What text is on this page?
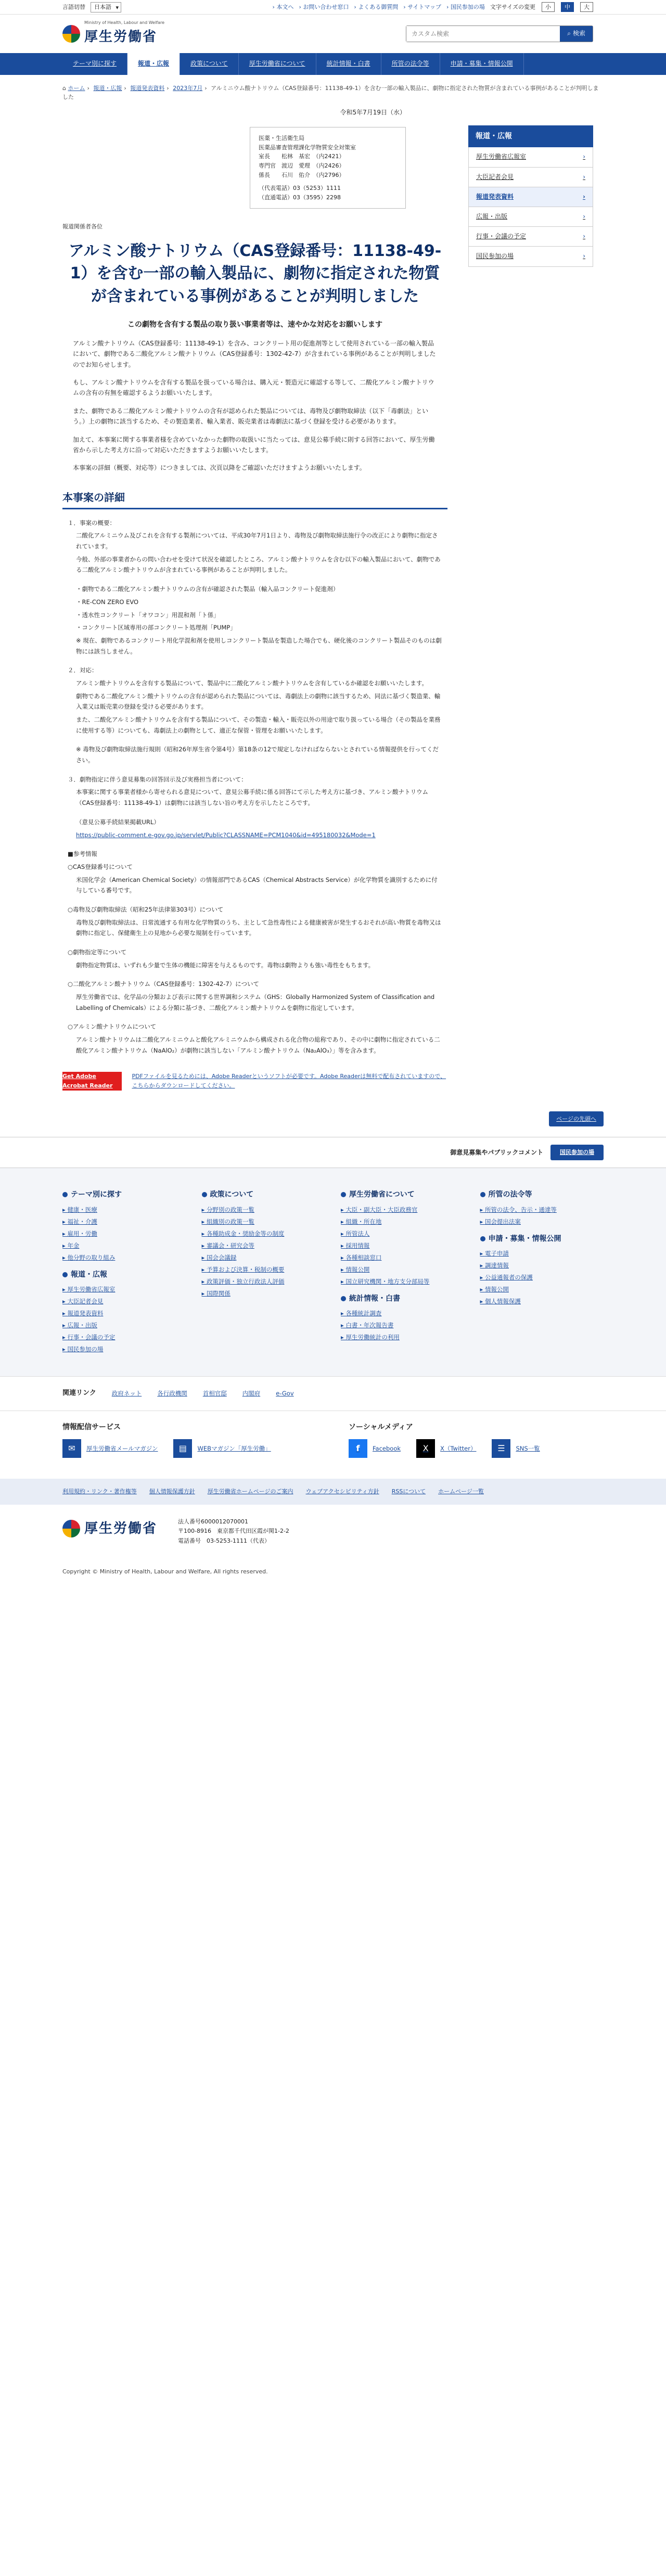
言語切替	日本語 ▾	› 本文へ	› お問い合わせ窓口	› よくある御質問	› サイトマップ	› 国民参加の場 文字サイズの変更	小	中	大
Ministry of Health, Labour and Welfare
厚生労働省
カスタム検索	⌕ 検索
テーマ別に探す	報道・広報	政策について	厚生労働省について	統計情報・白書	所管の法令等	申請・募集・情報公開
⌂ ホーム › 報道・広報 › 報道発表資料 › 2023年7月 › アルミニウム酸ナトリウム（CAS登録番号：11138-49-1）を含む一部の輸入製品に、劇物に指定された物質が含まれている事例があることが判明しました
令和5年7月19日（水）
医薬・生活衛生局
医薬品審査管理課化学物質安全対策室
室長　　松林　基宏　（内2421）
専門官　渡辺　愛理　（内2426）
係長　　石川　佑介　（内2796）
（代表電話）03（5253）1111
（直通電話）03（3595）2298
報道関係者各位
アルミン酸ナトリウム（CAS登録番号：11138-49-1）を含む一部の輸入製品に、劇物に指定された物質が含まれている事例があることが判明しました
この劇物を含有する製品の取り扱い事業者等は、速やかな対応をお願いします

アルミン酸ナトリウム（CAS登録番号：11138-49-1）を含み、コンクリート用の促進剤等として使用されている一部の輸入製品において、劇物である二酸化アルミン酸ナトリウム（CAS登録番号：1302-42-7）が含まれている事例があることが判明しましたのでお知らせします。

もし、アルミン酸ナトリウムを含有する製品を扱っている場合は、購入元・製造元に確認する等して、二酸化アルミン酸ナトリウムの含有の有無を確認するようお願いいたします。

また、劇物である二酸化アルミン酸ナトリウムの含有が認められた製品については、毒物及び劇物取締法（以下「毒劇法」という。）上の劇物に該当するため、その製造業者、輸入業者、販売業者は毒劇法に基づく登録を受ける必要があります。

加えて、本事案に関する事業者様を含めていなかった劇物の取扱いに当たっては、意見公募手続に則する回答において、厚生労働省から示した考え方に沿って対応いただきますようお願いいたします。

本事案の詳細（概要、対応等）につきましては、次頁以降をご確認いただけますようお願いいたします。

本事案の詳細

１．事案の概要：

二酸化アルミニウム及びこれを含有する製剤については、平成30年7月1日より、毒物及び劇物取締法施行令の改正により劇物に指定されています。

今般、外部の事業者からの問い合わせを受けて状況を確認したところ、アルミン酸ナトリウムを含む以下の輸入製品において、劇物である二酸化アルミン酸ナトリウムが含まれている事例があることが判明しました。

・劇物である二酸化アルミン酸ナトリウムの含有が確認された製品（輸入品コンクリート促進剤）

・RE-CON ZERO EVO

・透水性コンクリート「オワコン」用混和剤「ト係」

・コンクリート区域専用の部コンクリート処理剤「PUMP」

※ 現在、劇物であるコンクリート用化学混和剤を使用しコンクリート製品を製造した場合でも、硬化後のコンクリート製品そのものは劇物には該当しません。

２．対応：

アルミン酸ナトリウムを含有する製品について、製品中に二酸化アルミン酸ナトリウムを含有しているか確認をお願いいたします。

劇物である二酸化アルミン酸ナトリウムの含有が認められた製品については、毒劇法上の劇物に該当するため、同法に基づく製造業、輸入業又は販売業の登録を受ける必要があります。

また、二酸化アルミン酸ナトリウムを含有する製品について、その製造・輸入・販売以外の用途で取り扱っている場合（その製品を業務に使用する等）についても、毒劇法上の劇物として、適正な保管・管理をお願いいたします。

※ 毒物及び劇物取締法施行規則（昭和26年厚生省令第4号）第18条の12で規定しなければならないとされている情報提供を行ってください。

３．劇物指定に伴う意見募集の回答回示及び実務担当者について：

本事案に関する事業者様から寄せられる意見について、意見公募手続に係る回答にて示した考え方に基づき、アルミン酸ナトリウム（CAS登録番号：11138-49-1）は劇物には該当しない旨の考え方を示したところです。

（意見公募手続結果掲載URL）

https://public-comment.e-gov.go.jp/servlet/Public?CLASSNAME=PCM1040&id=495180032&Mode=1

■参考情報

○CAS登録番号について

米国化学会（American Chemical Society）の情報部門であるCAS（Chemical Abstracts Service）が化学物質を識別するために付与している番号です。

○毒物及び劇物取締法（昭和25年法律第303号）について

毒物及び劇物取締法は、日常流通する有用な化学物質のうち、主として急性毒性による健康被害が発生するおそれが高い物質を毒物又は劇物に指定し、保健衛生上の見地から必要な規制を行っています。

○劇物指定等について

劇物指定物質は、いずれも少量で生体の機能に障害を与えるものです。毒物は劇物よりも強い毒性をもちます。

○二酸化アルミン酸ナトリウム（CAS登録番号：1302-42-7）について

厚生労働省では、化学品の分類および表示に関する世界調和システム（GHS：Globally Harmonized System of Classification and Labelling of Chemicals）による分類に基づき、二酸化アルミン酸ナトリウムを劇物に指定しています。

○アルミン酸ナトリウムについて

アルミン酸ナトリウムは二酸化アルミニウムと酸化アルミニウムから構成される化合物の総称であり、その中に劇物に指定されている二酸化アルミン酸ナトリウム（NaAlO₂）が劇物に該当しない「アルミン酸ナトリウム（Na₂AlO₃）」等を含みます。

Get Adobe Acrobat Reader
PDFファイルを見るためには、Adobe Readerというソフトが必要です。Adobe Readerは無料で配布されていますので、こちらからダウンロードしてください。
報道・広報
厚生労働省広報室 ›
大臣記者会見 ›
報道発表資料 ›
広報・出版 ›
行事・会議の予定 ›
国民参加の場 ›
ページの先頭へ
御意見募集やパブリックコメント	国民参加の場
テーマ別に探す
▸ 健康・医療
▸ 福祉・介護
▸ 雇用・労働
▸ 年金
▸ 他分野の取り組み
報道・広報
▸ 厚生労働省広報室
▸ 大臣記者会見
▸ 報道発表資料
▸ 広報・出版
▸ 行事・会議の予定
▸ 国民参加の場
政策について
▸ 分野別の政策一覧
▸ 組織別の政策一覧
▸ 各種助成金・奨励金等の制度
▸ 審議会・研究会等
▸ 国会会議録
▸ 予算および決算・税制の概要
▸ 政策評価・独立行政法人評価
▸ 国際関係
厚生労働省について
▸ 大臣・副大臣・大臣政務官
▸ 組織・所在地
▸ 所管法人
▸ 採用情報
▸ 各種相談窓口
▸ 情報公開
▸ 国立研究機関・地方支分部局等
統計情報・白書
▸ 各種統計調査
▸ 白書・年次報告書
▸ 厚生労働統計の利用
所管の法令等
▸ 所管の法令、告示・通達等
▸ 国会提出法案
申請・募集・情報公開
▸ 電子申請
▸ 調達情報
▸ 公益通報者の保護
▸ 情報公開
▸ 個人情報保護
関連リンク	政府ネット	各行政機関	首相官邸	内閣府	e-Gov
情報配信サービス
✉	厚生労働省メールマガジン	▤	WEBマガジン「厚生労働」
ソーシャルメディア
f	Facebook	X	X（Twitter）	☰	SNS一覧
利用規約・リンク・著作権等 個人情報保護方針 厚生労働省ホームページのご案内 ウェブアクセシビリティ方針 RSSについて ホームページ一覧
厚生労働省	法人番号6000012070001
〒100-8916　東京都千代田区霞が関1-2-2
電話番号　03-5253-1111（代表）
Copyright © Ministry of Health, Labour and Welfare, All rights reserved.
